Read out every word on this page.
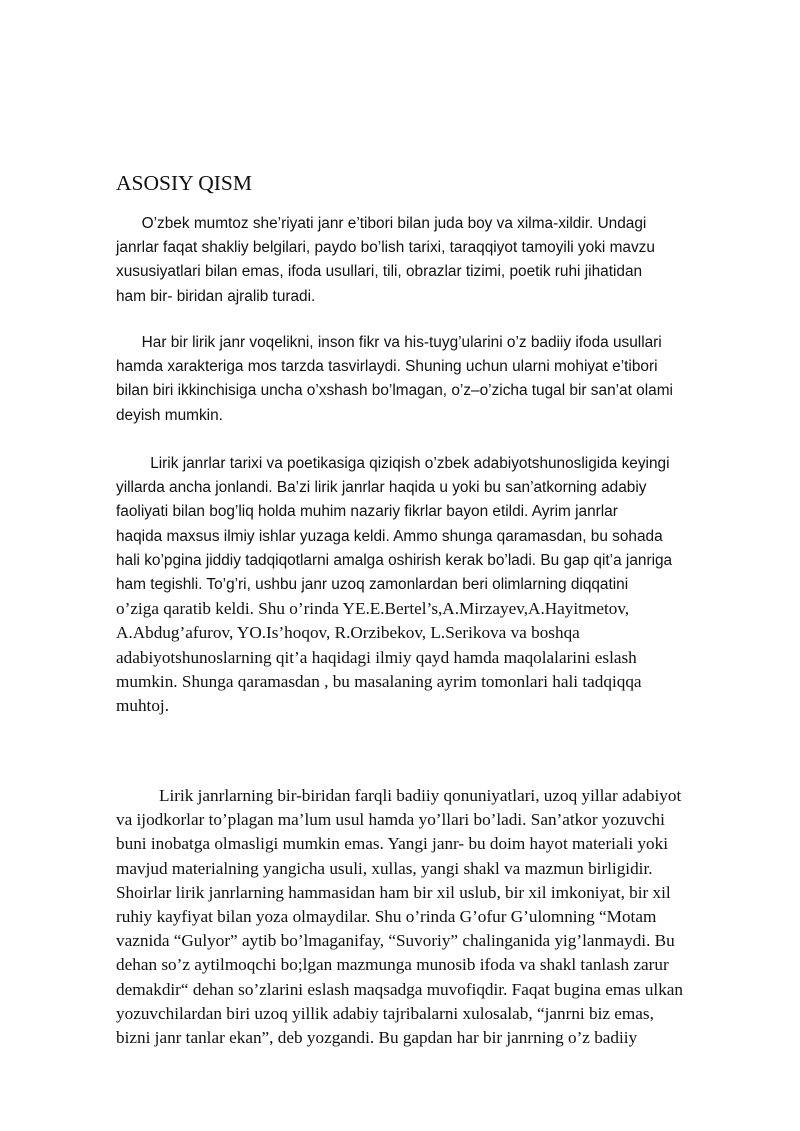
ASOSIY QISM

O’zbek mumtoz she’riyati janr e’tibori bilan juda boy va xilma-xildir. Undagi
janrlar faqat shakliy belgilari, paydo bo’lish tarixi, taraqqiyot tamoyili yoki mavzu
xususiyatlari bilan emas, ifoda usullari, tili, obrazlar tizimi, poetik ruhi jihatidan
ham bir- biridan ajralib turadi.

Har bir lirik janr voqelikni, inson fikr va his-tuyg’ularini o’z badiiy ifoda usullari
hamda xarakteriga mos tarzda tasvirlaydi. Shuning uchun ularni mohiyat e’tibori
bilan biri ikkinchisiga uncha o’xshash bo’lmagan, o’z–o’zicha tugal bir san’at olami
deyish mumkin.

Lirik janrlar tarixi va poetikasiga qiziqish o’zbek adabiyotshunosligida keyingi
yillarda ancha jonlandi. Ba’zi lirik janrlar haqida u yoki bu san’atkorning adabiy
faoliyati bilan bog’liq holda muhim nazariy fikrlar bayon etildi. Ayrim janrlar
haqida maxsus ilmiy ishlar yuzaga keldi. Ammo shunga qaramasdan, bu sohada
hali ko’pgina jiddiy tadqiqotlarni amalga oshirish kerak bo’ladi. Bu gap qit’a janriga
ham tegishli. To’g’ri, ushbu janr uzoq zamonlardan beri olimlarning diqqatini
o’ziga qaratib keldi. Shu o’rinda YE.E.Bertel’s,A.Mirzayev,A.Hayitmetov,
A.Abdug’afurov, YO.Is’hoqov, R.Orzibekov, L.Serikova va boshqa
adabiyotshunoslarning qit’a haqidagi ilmiy qayd hamda maqolalarini eslash
mumkin. Shunga qaramasdan , bu masalaning ayrim tomonlari hali tadqiqqa
muhtoj.

Lirik janrlarning bir-biridan farqli badiiy qonuniyatlari, uzoq yillar adabiyot
va ijodkorlar to’plagan ma’lum usul hamda yo’llari bo’ladi. San’atkor yozuvchi
buni inobatga olmasligi mumkin emas. Yangi janr- bu doim hayot materiali yoki
mavjud materialning yangicha usuli, xullas, yangi shakl va mazmun birligidir.
Shoirlar lirik janrlarning hammasidan ham bir xil uslub, bir xil imkoniyat, bir xil
ruhiy kayfiyat bilan yoza olmaydilar. Shu o’rinda G’ofur G’ulomning “Motam
vaznida “Gulyor” aytib bo’lmaganifay, “Suvoriy” chalinganida yig’lanmaydi. Bu
dehan so’z aytilmoqchi bo;lgan mazmunga munosib ifoda va shakl tanlash zarur
demakdir“ dehan so’zlarini eslash maqsadga muvofiqdir. Faqat bugina emas ulkan
yozuvchilardan biri uzoq yillik adabiy tajribalarni xulosalab, “janrni biz emas,
bizni janr tanlar ekan”, deb yozgandi. Bu gapdan har bir janrning o’z badiiy
